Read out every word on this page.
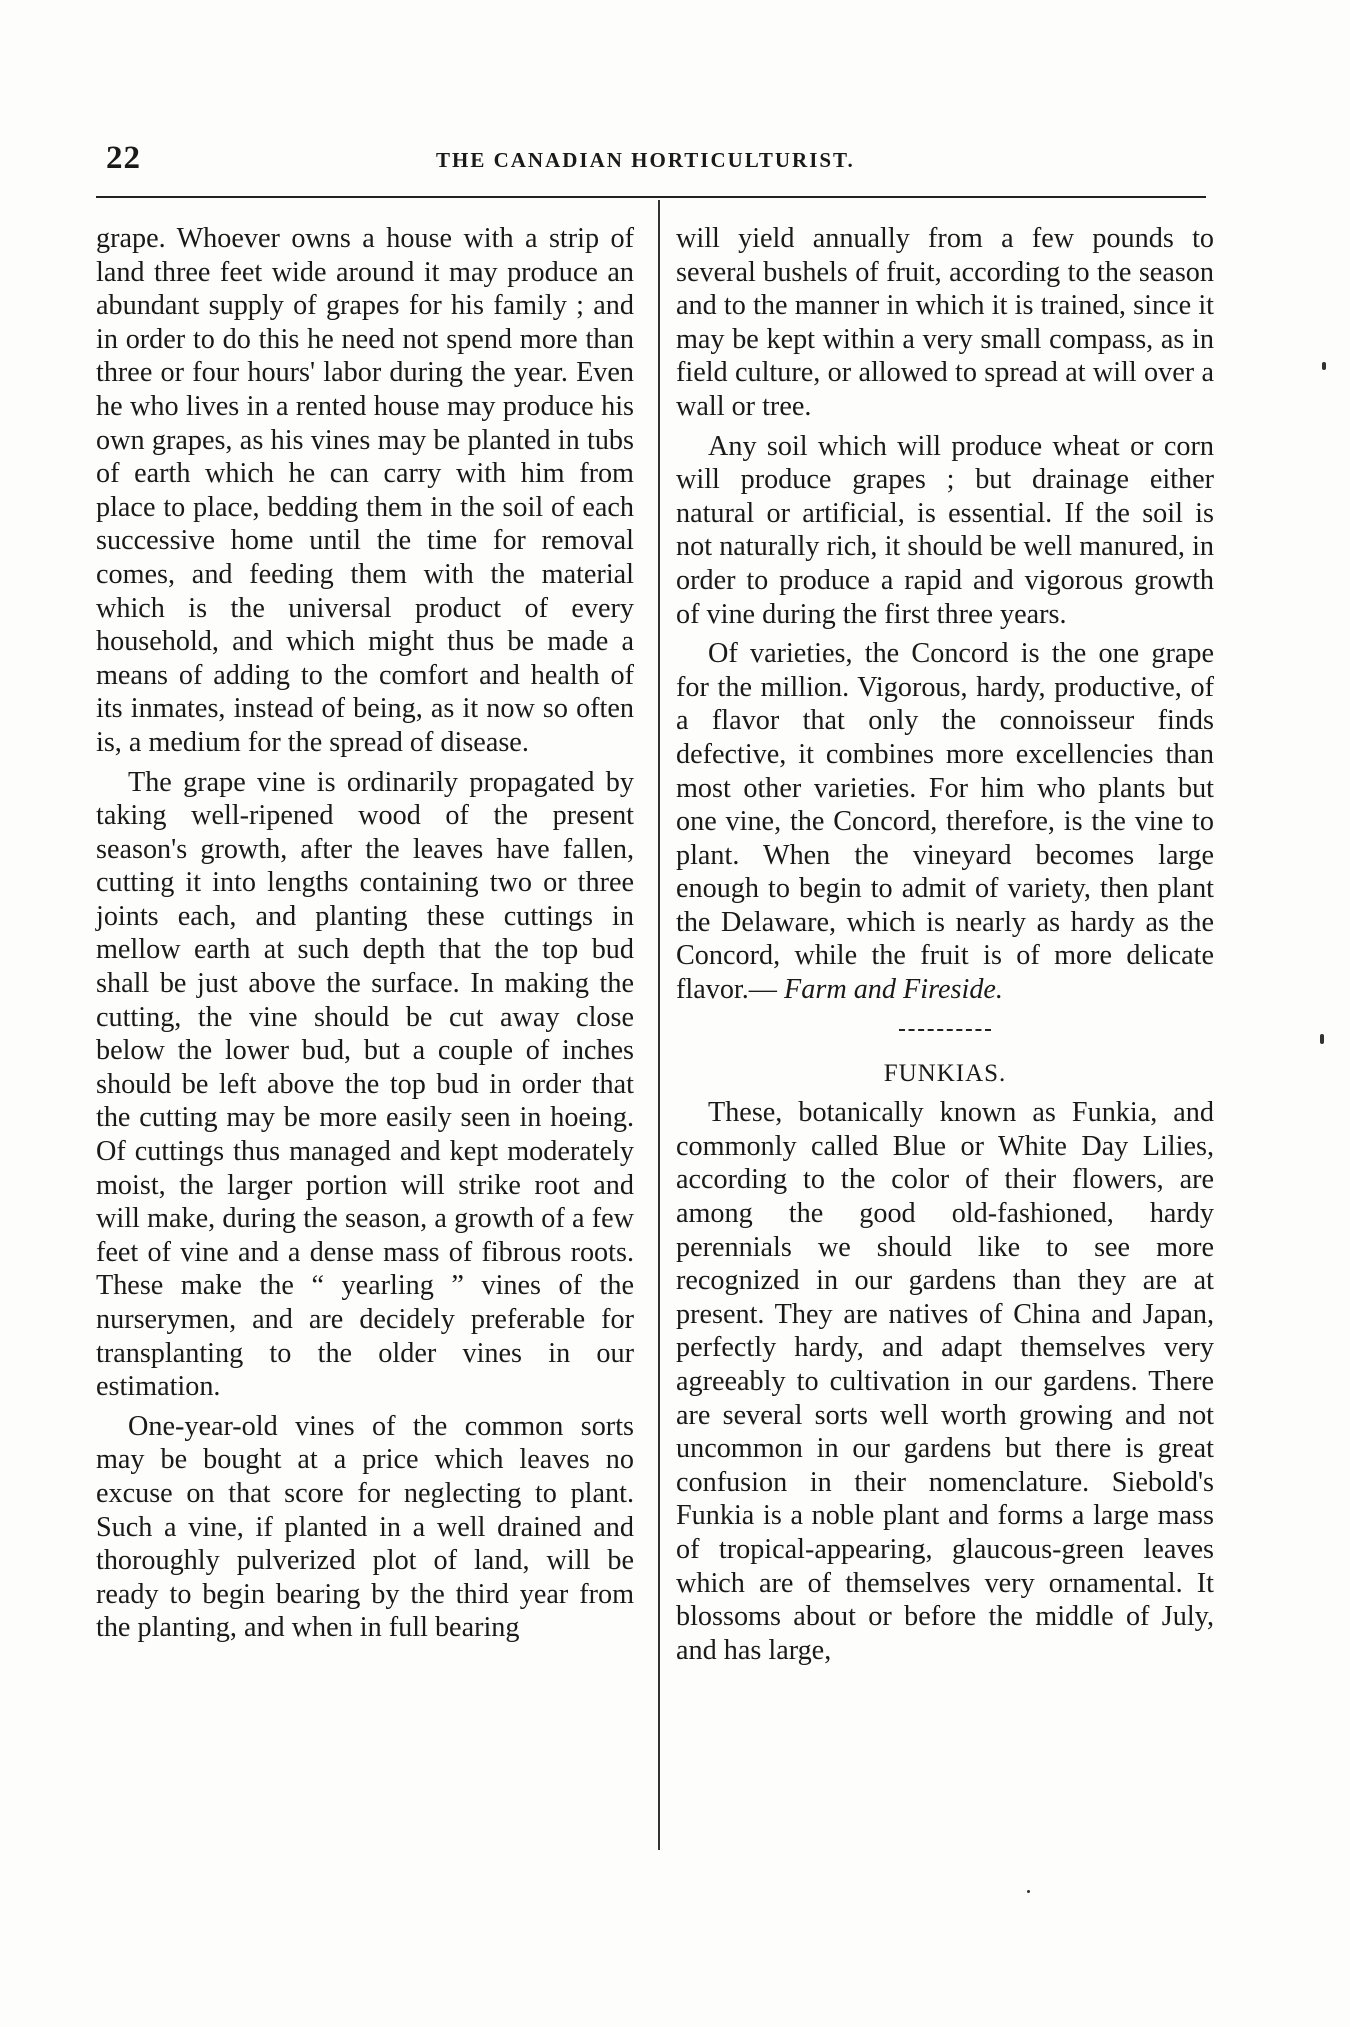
22	THE CANADIAN HORTICULTURIST.

grape. Whoever owns a house with a strip of land three feet wide around it may produce an abundant supply of grapes for his family ; and in order to do this he need not spend more than three or four hours' labor during the year. Even he who lives in a rented house may produce his own grapes, as his vines may be planted in tubs of earth which he can carry with him from place to place, bedding them in the soil of each successive home until the time for removal comes, and feeding them with the material which is the universal product of every household, and which might thus be made a means of adding to the comfort and health of its inmates, instead of being, as it now so often is, a medium for the spread of disease.

The grape vine is ordinarily propagated by taking well-ripened wood of the present season's growth, after the leaves have fallen, cutting it into lengths containing two or three joints each, and planting these cuttings in mellow earth at such depth that the top bud shall be just above the surface. In making the cutting, the vine should be cut away close below the lower bud, but a couple of inches should be left above the top bud in order that the cutting may be more easily seen in hoeing. Of cuttings thus managed and kept moderately moist, the larger portion will strike root and will make, during the season, a growth of a few feet of vine and a dense mass of fibrous roots. These make the “ yearling ” vines of the nurserymen, and are decidely preferable for transplanting to the older vines in our estimation.

One-year-old vines of the common sorts may be bought at a price which leaves no excuse on that score for neglecting to plant. Such a vine, if planted in a well drained and thoroughly pulverized plot of land, will be ready to begin bearing by the third year from the planting, and when in full bearing

will yield annually from a few pounds to several bushels of fruit, according to the season and to the manner in which it is trained, since it may be kept within a very small compass, as in field culture, or allowed to spread at will over a wall or tree.

Any soil which will produce wheat or corn will produce grapes ; but drainage either natural or artificial, is essential. If the soil is not naturally rich, it should be well manured, in order to produce a rapid and vigorous growth of vine during the first three years.

Of varieties, the Concord is the one grape for the million. Vigorous, hardy, productive, of a flavor that only the connoisseur finds defective, it combines more excellencies than most other varieties. For him who plants but one vine, the Concord, therefore, is the vine to plant. When the vineyard becomes large enough to begin to admit of variety, then plant the Delaware, which is nearly as hardy as the Concord, while the fruit is of more delicate flavor.— Farm and Fireside.

FUNKIAS.

These, botanically known as Funkia, and commonly called Blue or White Day Lilies, according to the color of their flowers, are among the good old-fashioned, hardy perennials we should like to see more recognized in our gardens than they are at present. They are natives of China and Japan, perfectly hardy, and adapt themselves very agreeably to cultivation in our gardens. There are several sorts well worth growing and not uncommon in our gardens but there is great confusion in their nomenclature. Siebold's Funkia is a noble plant and forms a large mass of tropical-appearing, glaucous-green leaves which are of themselves very ornamental. It blossoms about or before the middle of July, and has large,
